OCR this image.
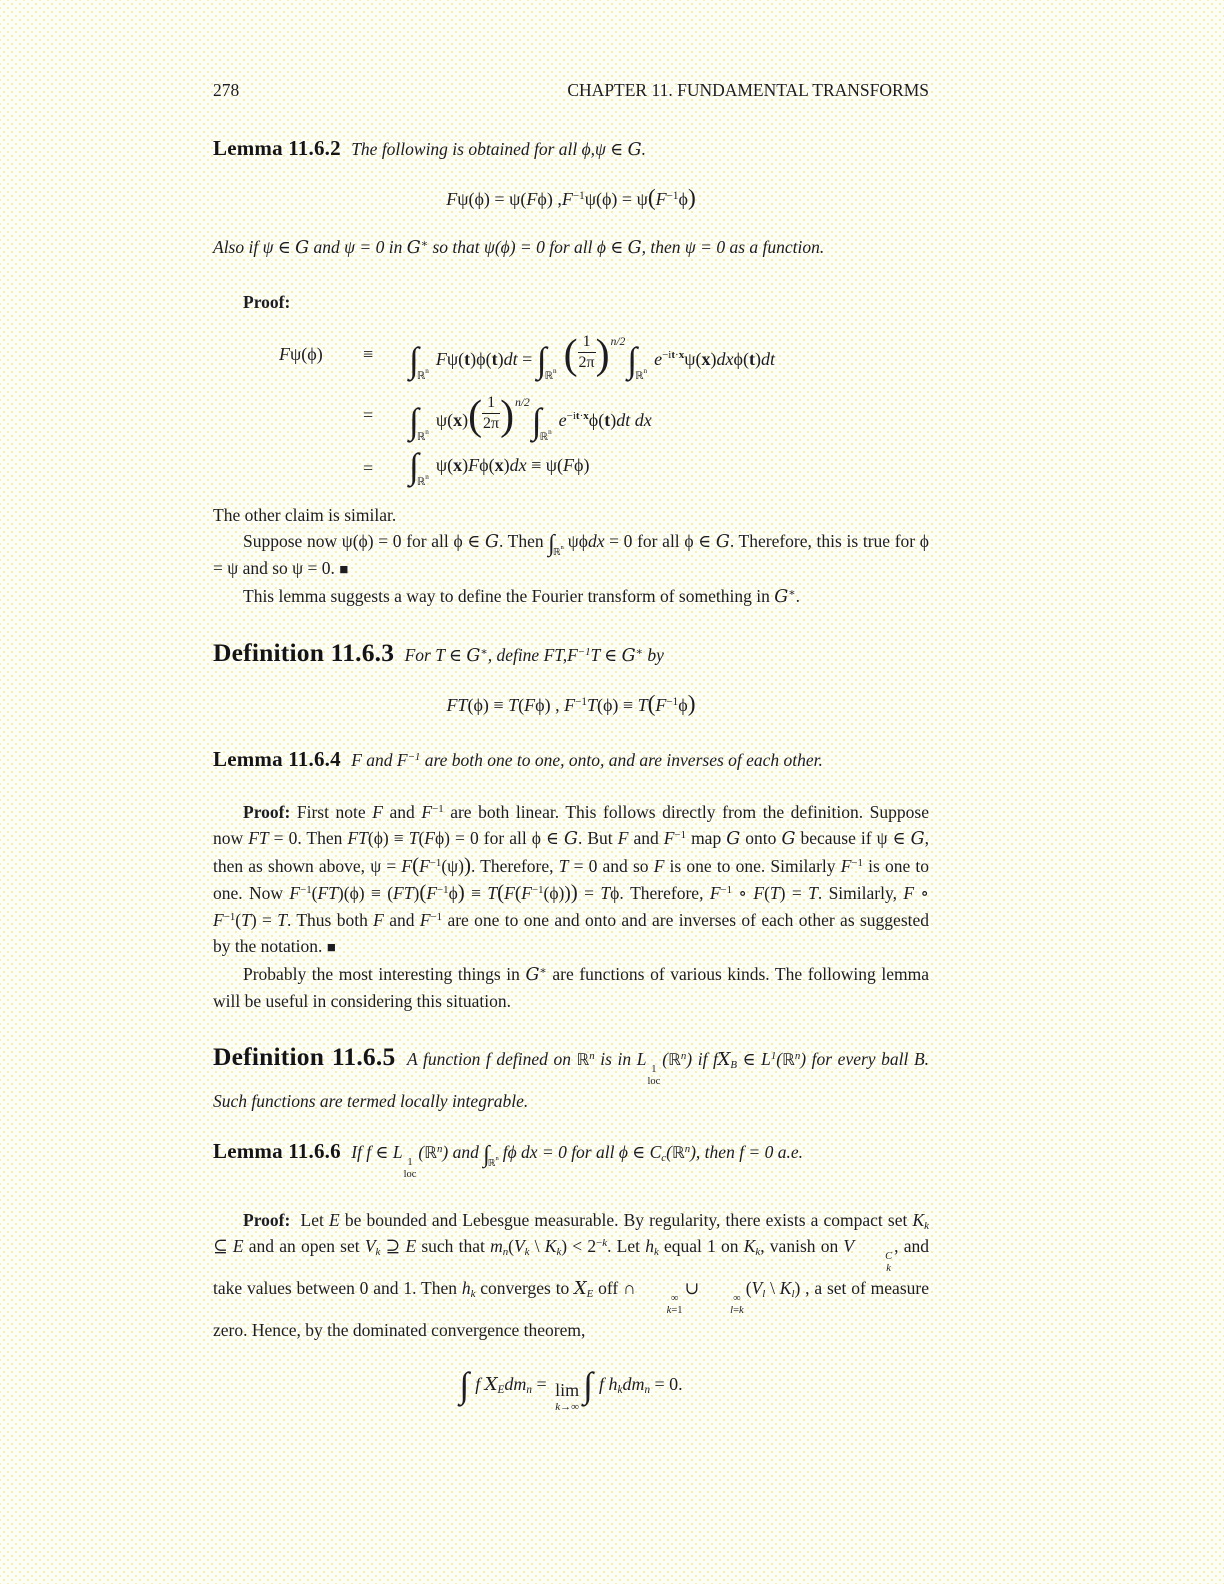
278	CHAPTER 11. FUNDAMENTAL TRANSFORMS

Lemma 11.6.2 The following is obtained for all ϕ,ψ ∈ G.

Fψ(ϕ) = ψ(Fϕ) $,F^{-1}\psi(\phi) = \psi(F^{-1}\phi)$

Also if ψ ∈ G and ψ = 0 in G∗ so that ψ(ϕ) = 0 for all ϕ ∈ G, then ψ = 0 as a function.

Proof:

Fψ(ϕ)	≡ $\int_{ℝ^n}F\psi(t)\phi(t)dt = \int_{ℝ^n}$ ( $\frac{1}{2\pi} )^{n/2}\int_{ℝ^n}e^{-it\cdot x}\psi(x)dx\phi(t)dt$
= $\int_{ℝ^n}\psi(x)( \frac{1}{2\pi} )^{n/2}\int_{ℝ^n}e^{-it\cdot x}\phi(t)dt$ dx
= $\int_{ℝ^n}\psi(x)F\phi(x)dx \equiv \psi(F\phi)$

The other claim is similar.

Suppose now ψ(ϕ) = 0 for all ϕ ∈ G. Then $\int_{ℝ^n}$ ψϕdx = 0 for all ϕ ∈ G. Therefore, this is true for ϕ = ψ and so ψ = 0. ■

This lemma suggests a way to define the Fourier transform of something in G∗.

Definition 11.6.3 For T ∈ G∗, define $FT,F^{-1}T$ ∈ G∗ by

FT(ϕ) ≡ T(Fϕ) , $F^{-1}T(\phi) \equiv T(F^{-1}\phi)$

Lemma 11.6.4 F and $F^{-1}$ are both one to one, onto, and are inverses of each other.

Proof: First note F and $F^{-1}$ are both linear. This follows directly from the definition. Suppose now FT = 0. Then FT(ϕ) ≡ T(Fϕ) = 0 for all ϕ ∈ G. But F and $F^{-1}$ map G onto G because if ψ ∈ G, then as shown above, $\psi = F(F^{-1}(\psi))$. Therefore, T = 0 and so F is one to one. Similarly $F^{-1}$ is one to one. Now $F^{-1}(FT)(\phi) \equiv (FT)(F^{-1}\phi) \equiv T(F(F^{-1}(\phi))) = T\phi$. Therefore, $F^{-1}$ ∘ F(T) = T. Similarly, F ∘ $F^{-1}(T) = T$. Thus both F and $F^{-1}$ are one to one and onto and are inverses of each other as suggested by the notation. ■

Probably the most interesting things in G∗ are functions of various kinds. The following lemma will be useful in considering this situation.

Definition 11.6.5 A function f defined on ℝ$^n$ is in L
1
loc
(ℝ$^n$) if $fX_B$ ∈ $L^1(ℝ^n)$ for every ball B. Such functions are termed locally integrable.

Lemma 11.6.6 If f ∈ L
1
loc
(ℝ$^n$) and $\int_{ℝ^n}$ fϕ dx = 0 for all ϕ ∈ $C_c(ℝ^n)$, then f = 0 a.e.

Proof:  Let E be bounded and Lebesgue measurable. By regularity, there exists a compact set $K_k$ ⊆ E and an open set $V_k$ ⊇ E such that $m_n(V_k$ \ $K_k) < 2^{-k}$. Let $h_k$ equal 1 on $K_k$, vanish on V
C
k
, and take values between 0 and 1. Then $h_k$ converges to $X_E$ off ∩
∞
k=1
∪
∞
l=k
($V_l$ \ $K_l$) , a set of measure zero. Hence, by the dominated convergence theorem,

∫ f $X_Edm_n = \lim$
k→∞
∫ f $h_kdm_n = 0$.
